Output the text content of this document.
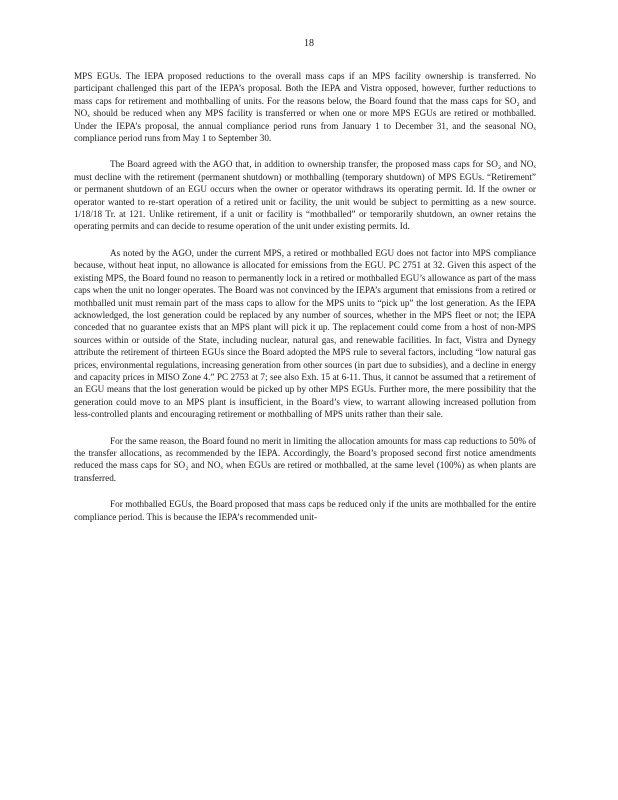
18

MPS EGUs. The IEPA proposed reductions to the overall mass caps if an MPS facility ownership is transferred. No participant challenged this part of the IEPA’s proposal. Both the IEPA and Vistra opposed, however, further reductions to mass caps for retirement and mothballing of units. For the reasons below, the Board found that the mass caps for SO₂ and NOₓ should be reduced when any MPS facility is transferred or when one or more MPS EGUs are retired or mothballed. Under the IEPA’s proposal, the annual compliance period runs from January 1 to December 31, and the seasonal NOₓ compliance period runs from May 1 to September 30.

The Board agreed with the AGO that, in addition to ownership transfer, the proposed mass caps for SO₂ and NOₓ must decline with the retirement (permanent shutdown) or mothballing (temporary shutdown) of MPS EGUs. “Retirement” or permanent shutdown of an EGU occurs when the owner or operator withdraws its operating permit. Id. If the owner or operator wanted to re-start operation of a retired unit or facility, the unit would be subject to permitting as a new source. 1/18/18 Tr. at 121. Unlike retirement, if a unit or facility is “mothballed” or temporarily shutdown, an owner retains the operating permits and can decide to resume operation of the unit under existing permits. Id.

As noted by the AGO, under the current MPS, a retired or mothballed EGU does not factor into MPS compliance because, without heat input, no allowance is allocated for emissions from the EGU. PC 2751 at 32. Given this aspect of the existing MPS, the Board found no reason to permanently lock in a retired or mothballed EGU’s allowance as part of the mass caps when the unit no longer operates. The Board was not convinced by the IEPA’s argument that emissions from a retired or mothballed unit must remain part of the mass caps to allow for the MPS units to “pick up” the lost generation. As the IEPA acknowledged, the lost generation could be replaced by any number of sources, whether in the MPS fleet or not; the IEPA conceded that no guarantee exists that an MPS plant will pick it up. The replacement could come from a host of non-MPS sources within or outside of the State, including nuclear, natural gas, and renewable facilities. In fact, Vistra and Dynegy attribute the retirement of thirteen EGUs since the Board adopted the MPS rule to several factors, including “low natural gas prices, environmental regulations, increasing generation from other sources (in part due to subsidies), and a decline in energy and capacity prices in MISO Zone 4.” PC 2753 at 7; see also Exh. 15 at 6-11. Thus, it cannot be assumed that a retirement of an EGU means that the lost generation would be picked up by other MPS EGUs. Further more, the mere possibility that the generation could move to an MPS plant is insufficient, in the Board’s view, to warrant allowing increased pollution from less-controlled plants and encouraging retirement or mothballing of MPS units rather than their sale.

For the same reason, the Board found no merit in limiting the allocation amounts for mass cap reductions to 50% of the transfer allocations, as recommended by the IEPA. Accordingly, the Board’s proposed second first notice amendments reduced the mass caps for SO₂ and NOₓ when EGUs are retired or mothballed, at the same level (100%) as when plants are transferred.

For mothballed EGUs, the Board proposed that mass caps be reduced only if the units are mothballed for the entire compliance period. This is because the IEPA’s recommended unit-
